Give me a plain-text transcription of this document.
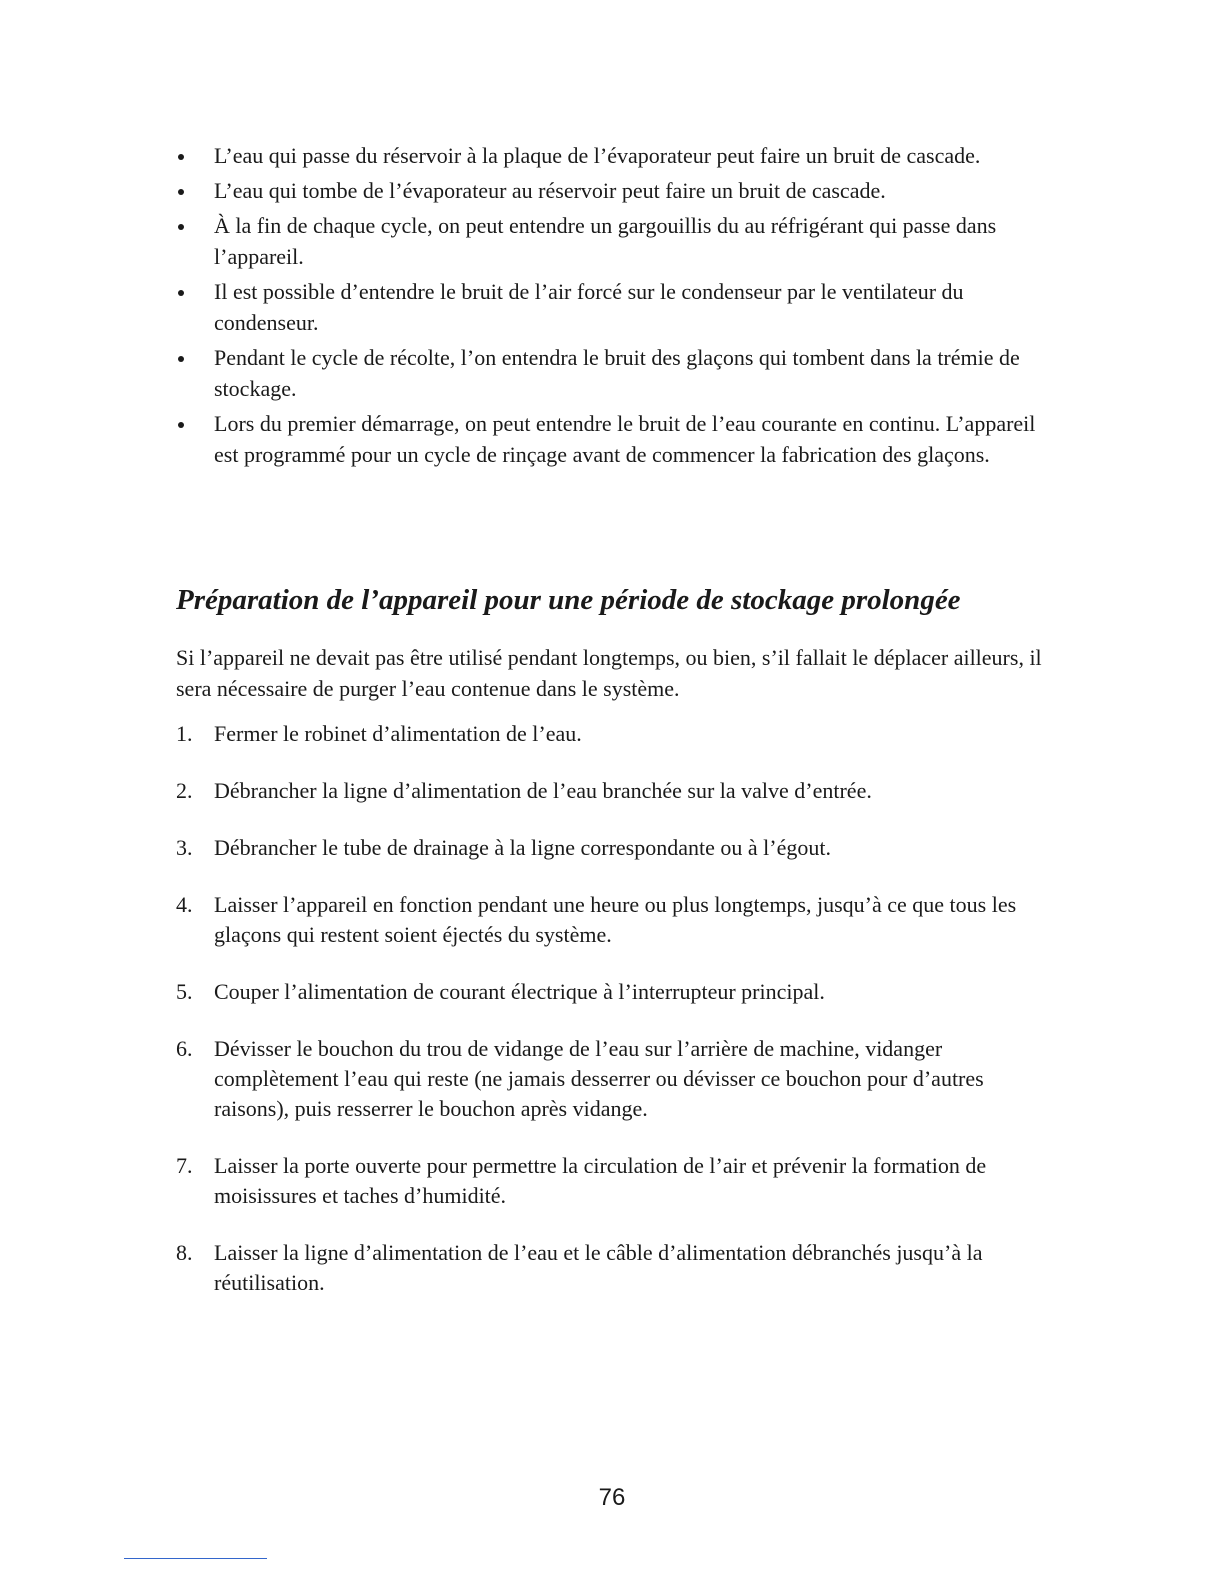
L’eau qui passe du réservoir à la plaque de l’évaporateur peut faire un bruit de cascade.
L’eau qui tombe de l’évaporateur au réservoir peut faire un bruit de cascade.
À la fin de chaque cycle, on peut entendre un gargouillis du au réfrigérant qui passe dans l’appareil.
Il est possible d’entendre le bruit de l’air forcé sur le condenseur par le ventilateur du condenseur.
Pendant le cycle de récolte, l’on entendra le bruit des glaçons qui tombent dans la trémie de stockage.
Lors du premier démarrage, on peut entendre le bruit de l’eau courante en continu. L’appareil est programmé pour un cycle de rinçage avant de commencer la fabrication des glaçons.
Préparation de l’appareil pour une période de stockage prolongée

Si l’appareil ne devait pas être utilisé pendant longtemps, ou bien, s’il fallait le déplacer ailleurs, il sera nécessaire de purger l’eau contenue dans le système.

1. Fermer le robinet d’alimentation de l’eau.
2. Débrancher la ligne d’alimentation de l’eau branchée sur la valve d’entrée.
3. Débrancher le tube de drainage à la ligne correspondante ou à l’égout.
4. Laisser l’appareil en fonction pendant une heure ou plus longtemps, jusqu’à ce que tous les glaçons qui restent soient éjectés du système.
5. Couper l’alimentation de courant électrique à l’interrupteur principal.
6. Dévisser le bouchon du trou de vidange de l’eau sur l’arrière de machine, vidanger complètement l’eau qui reste (ne jamais desserrer ou dévisser ce bouchon pour d’autres raisons), puis resserrer le bouchon après vidange.
7. Laisser la porte ouverte pour permettre la circulation de l’air et prévenir la formation de moisissures et taches d’humidité.
8. Laisser la ligne d’alimentation de l’eau et le câble d’alimentation débranchés jusqu’à la réutilisation.
76
